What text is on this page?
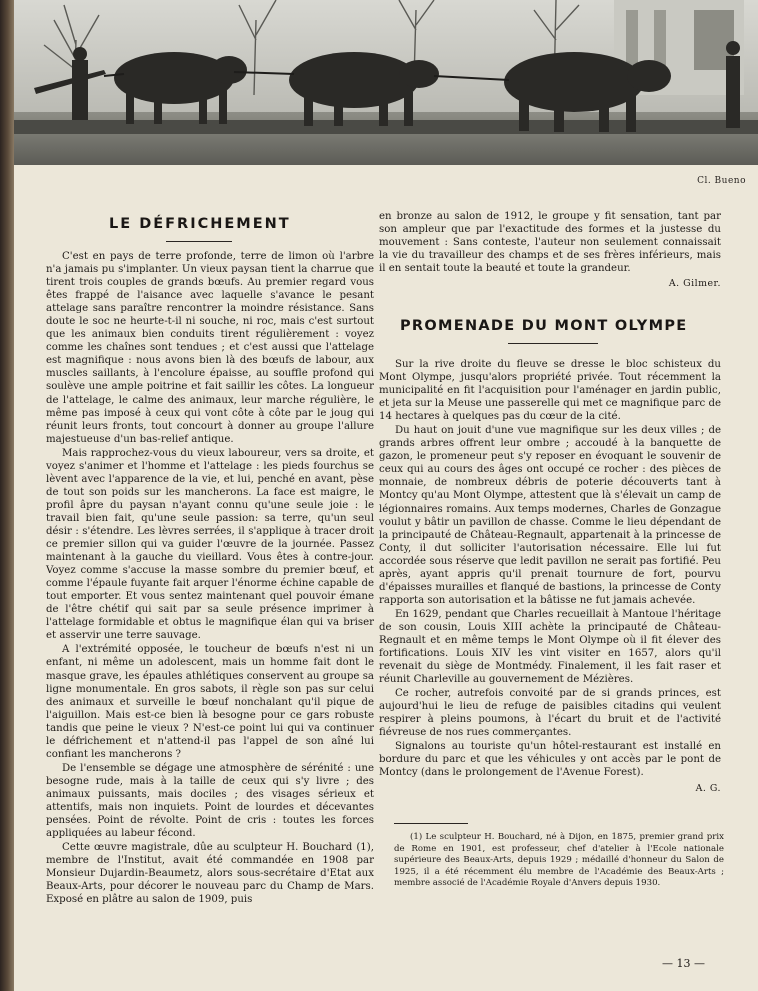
Cl. Bueno
LE DÉFRICHEMENT

C'est en pays de terre profonde, terre de limon où l'arbre n'a jamais pu s'implanter. Un vieux paysan tient la charrue que tirent trois couples de grands bœufs. Au premier regard vous êtes frappé de l'aisance avec laquelle s'avance le pesant attelage sans paraître rencontrer la moindre résistance. Sans doute le soc ne heurte-t-il ni souche, ni roc, mais c'est surtout que les animaux bien conduits tirent régulièrement : voyez comme les chaînes sont tendues ; et c'est aussi que l'attelage est magnifique : nous avons bien là des bœufs de labour, aux muscles saillants, à l'encolure épaisse, au souffle profond qui soulève une ample poitrine et fait saillir les côtes. La longueur de l'attelage, le calme des animaux, leur marche régulière, le même pas imposé à ceux qui vont côte à côte par le joug qui réunit leurs fronts, tout concourt à donner au groupe l'allure majestueuse d'un bas-relief antique.

Mais rapprochez-vous du vieux laboureur, vers sa droite, et voyez s'animer et l'homme et l'attelage : les pieds fourchus se lèvent avec l'apparence de la vie, et lui, penché en avant, pèse de tout son poids sur les mancherons. La face est maigre, le profil âpre du paysan n'ayant connu qu'une seule joie : le travail bien fait, qu'une seule passion: sa terre, qu'un seul désir : s'étendre. Les lèvres serrées, il s'applique à tracer droit ce premier sillon qui va guider l'œuvre de la journée. Passez maintenant à la gauche du vieillard. Vous êtes à contre-jour. Voyez comme s'accuse la masse sombre du premier bœuf, et comme l'épaule fuyante fait arquer l'énorme échine capable de tout emporter. Et vous sentez maintenant quel pouvoir émane de l'être chétif qui sait par sa seule présence imprimer à l'attelage formidable et obtus le magnifique élan qui va briser et asservir une terre sauvage.

A l'extrémité opposée, le toucheur de bœufs n'est ni un enfant, ni même un adolescent, mais un homme fait dont le masque grave, les épaules athlétiques conservent au groupe sa ligne monumentale. En gros sabots, il règle son pas sur celui des animaux et surveille le bœuf nonchalant qu'il pique de l'aiguillon. Mais est-ce bien là besogne pour ce gars robuste tandis que peine le vieux ? N'est-ce point lui qui va continuer le défrichement et n'attend-il pas l'appel de son aîné lui confiant les mancherons ?

De l'ensemble se dégage une atmosphère de sérénité : une besogne rude, mais à la taille de ceux qui s'y livre ; des animaux puissants, mais dociles ; des visages sérieux et attentifs, mais non inquiets. Point de lourdes et décevantes pensées. Point de révolte. Point de cris : toutes les forces appliquées au labeur fécond.

Cette œuvre magistrale, dûe au sculpteur H. Bouchard (1), membre de l'Institut, avait été commandée en 1908 par Monsieur Dujardin-Beaumetz, alors sous-secrétaire d'Etat aux Beaux-Arts, pour décorer le nouveau parc du Champ de Mars. Exposé en plâtre au salon de 1909, puis

en bronze au salon de 1912, le groupe y fit sensation, tant par son ampleur que par l'exactitude des formes et la justesse du mouvement : Sans conteste, l'auteur non seulement connaissait la vie du travailleur des champs et de ses frères inférieurs, mais il en sentait toute la beauté et toute la grandeur.

A. Gilmer.
PROMENADE DU MONT OLYMPE

Sur la rive droite du fleuve se dresse le bloc schisteux du Mont Olympe, jusqu'alors propriété privée. Tout récemment la municipalité en fit l'acquisition pour l'aménager en jardin public, et jeta sur la Meuse une passerelle qui met ce magnifique parc de 14 hectares à quelques pas du cœur de la cité.

Du haut on jouit d'une vue magnifique sur les deux villes ; de grands arbres offrent leur ombre ; accoudé à la banquette de gazon, le promeneur peut s'y reposer en évoquant le souvenir de ceux qui au cours des âges ont occupé ce rocher : des pièces de monnaie, de nombreux débris de poterie découverts tant à Montcy qu'au Mont Olympe, attestent que là s'élevait un camp de légionnaires romains. Aux temps modernes, Charles de Gonzague voulut y bâtir un pavillon de chasse. Comme le lieu dépendant de la principauté de Château-Regnault, appartenait à la princesse de Conty, il dut solliciter l'autorisation nécessaire. Elle lui fut accordée sous réserve que ledit pavillon ne serait pas fortifié. Peu après, ayant appris qu'il prenait tournure de fort, pourvu d'épaisses murailles et flanqué de bastions, la princesse de Conty rapporta son autorisation et la bâtisse ne fut jamais achevée.

En 1629, pendant que Charles recueillait à Mantoue l'héritage de son cousin, Louis XIII achète la principauté de Château-Regnault et en même temps le Mont Olympe où il fit élever des fortifications. Louis XIV les vint visiter en 1657, alors qu'il revenait du siège de Montmédy. Finalement, il les fait raser et réunit Charleville au gouvernement de Mézières.

Ce rocher, autrefois convoité par de si grands princes, est aujourd'hui le lieu de refuge de paisibles citadins qui veulent respirer à pleins poumons, à l'écart du bruit et de l'activité fiévreuse de nos rues commerçantes.

Signalons au touriste qu'un hôtel-restaurant est installé en bordure du parc et que les véhicules y ont accès par le pont de Montcy (dans le prolongement de l'Avenue Forest).

A. G.

(1) Le sculpteur H. Bouchard, né à Dijon, en 1875, premier grand prix de Rome en 1901, est professeur, chef d'atelier à l'Ecole nationale supérieure des Beaux-Arts, depuis 1929 ; médaillé d'honneur du Salon de 1925, il a été récemment élu membre de l'Académie des Beaux-Arts ; membre associé de l'Académie Royale d'Anvers depuis 1930.

— 13 —
